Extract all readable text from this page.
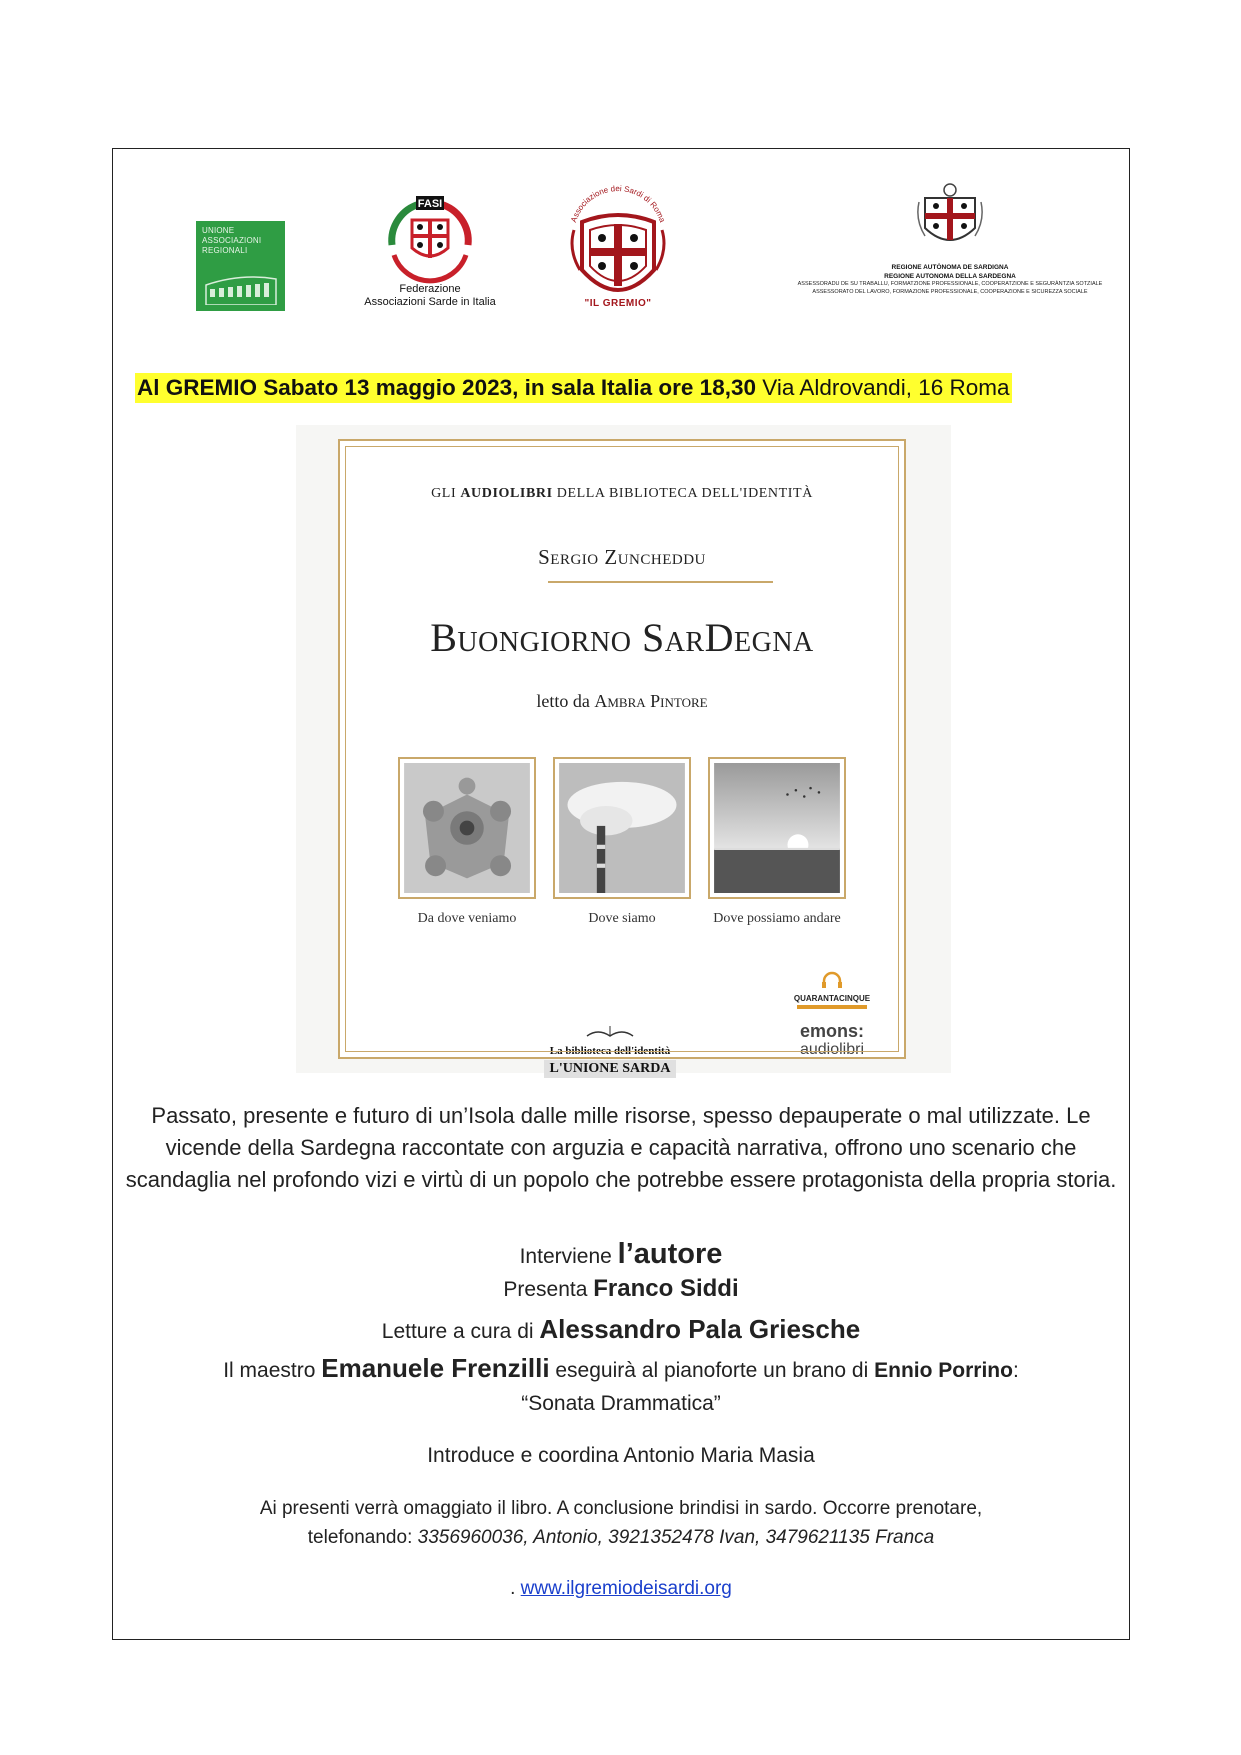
UNIONE
ASSOCIAZIONI
REGIONALI
FASI
Federazione
Associazioni Sarde in Italia
Associazione dei Sardi di Roma
"IL GREMIO"
REGIONE AUTÒNOMA DE SARDIGNA
REGIONE AUTONOMA DELLA SARDEGNA
ASSESSORADU DE SU TRABALLU, FORMATZIONE PROFESSIONALE, COOPERATZIONE E SEGURÀNTZIA SOTZIALE
ASSESSORATO DEL LAVORO, FORMAZIONE PROFESSIONALE, COOPERAZIONE E SICUREZZA SOCIALE
Al GREMIO Sabato 13 maggio 2023, in sala Italia ore 18,30 Via Aldrovandi, 16 Roma
GLI AUDIOLIBRI DELLA BIBLIOTECA DELL'IDENTITÀ
Sergio Zuncheddu
Buongiorno SarDegna
letto da Ambra Pintore
Da dove veniamo	Dove siamo	Dove possiamo andare
La biblioteca dell'identità
L'UNIONE SARDA
QUARANTACINQUE
emons:
audiolibri
Passato, presente e futuro di un’Isola dalle mille risorse, spesso depauperate o mal utilizzate. Le vicende della Sardegna raccontate con arguzia e capacità narrativa, offrono uno scenario che scandaglia nel profondo vizi e virtù di un popolo che potrebbe essere protagonista della propria storia.
Interviene l’autore
Presenta Franco Siddi
Letture a cura di Alessandro Pala Griesche
Il maestro Emanuele Frenzilli eseguirà al pianoforte un brano di Ennio Porrino:
“Sonata Drammatica”
Introduce e coordina Antonio Maria Masia
Ai presenti verrà omaggiato il libro. A conclusione brindisi in sardo. Occorre prenotare,
telefonando: 3356960036, Antonio, 3921352478 Ivan, 3479621135 Franca
. www.ilgremiodeisardi.org
